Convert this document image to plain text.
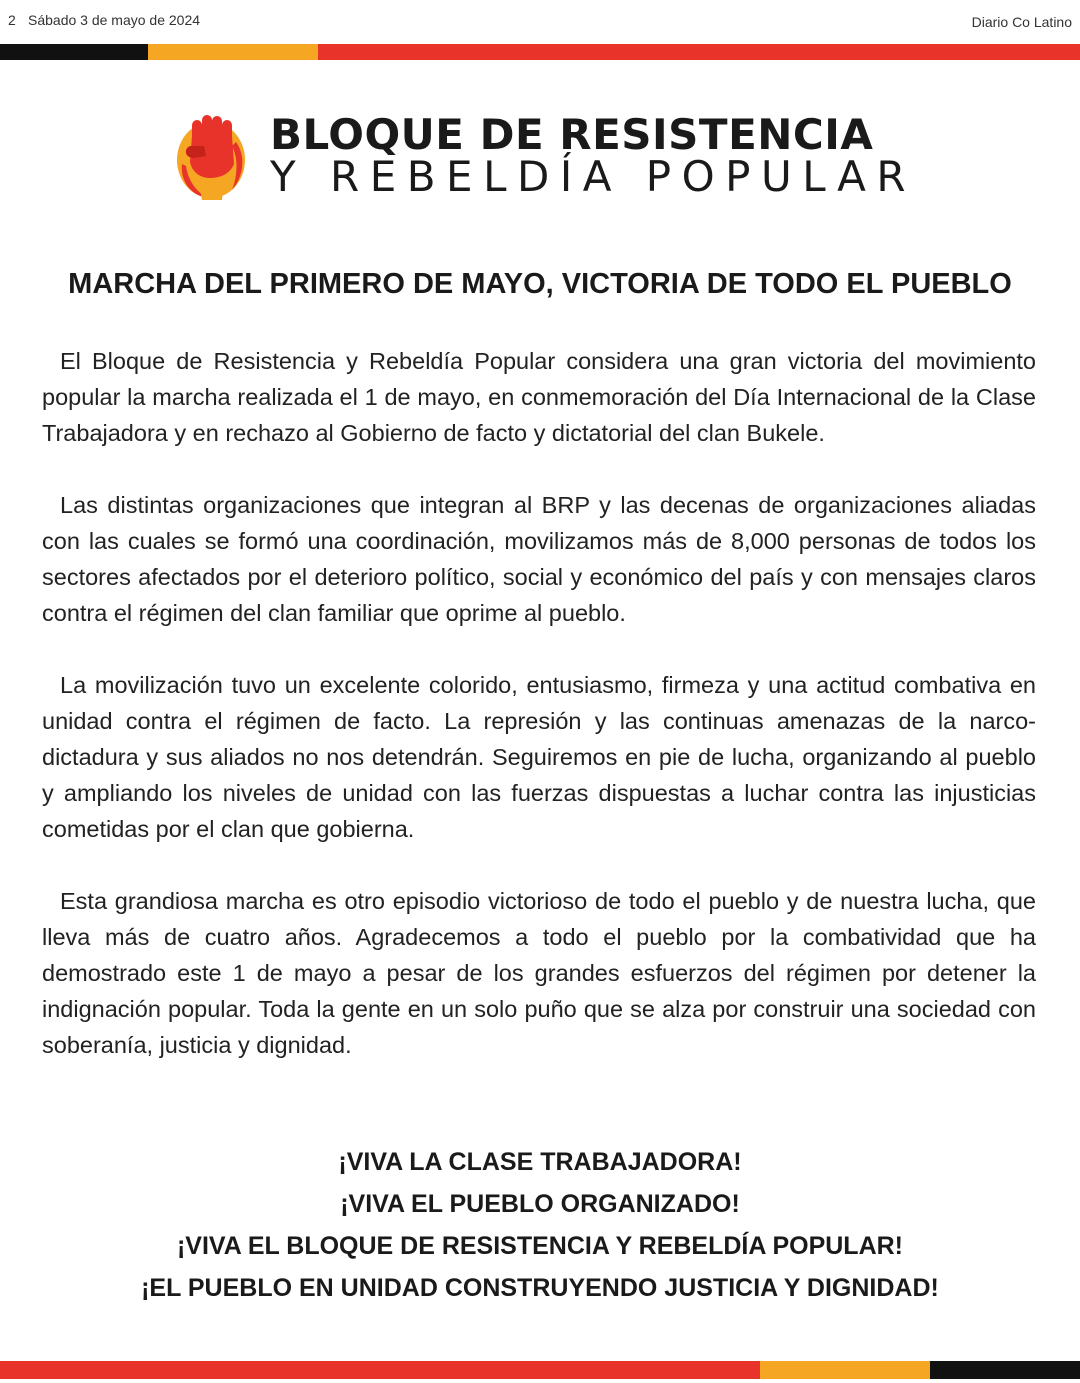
2 Sábado 3 de mayo de 2024	Diario Co Latino
BLOQUE DE RESISTENCIA
Y REBELDÍA POPULAR
MARCHA DEL PRIMERO DE MAYO, VICTORIA DE TODO EL PUEBLO

El Bloque de Resistencia y Rebeldía Popular considera una gran victoria del movimiento popular la marcha realizada el 1 de mayo, en conmemoración del Día Internacional de la Clase Trabajadora y en rechazo al Gobierno de facto y dictatorial del clan Bukele.

Las distintas organizaciones que integran al BRP y las decenas de organizaciones aliadas con las cuales se formó una coordinación, movilizamos más de 8,000 personas de todos los sectores afectados por el deterioro político, social y económico del país y con mensajes claros contra el régimen del clan familiar que oprime al pueblo.

La movilización tuvo un excelente colorido, entusiasmo, firmeza y una actitud combativa en unidad contra el régimen de facto. La represión y las continuas amenazas de la narco-dictadura y sus aliados no nos detendrán. Seguiremos en pie de lucha, organizando al pueblo y ampliando los niveles de unidad con las fuerzas dispuestas a luchar contra las injusticias cometidas por el clan que gobierna.

Esta grandiosa marcha es otro episodio victorioso de todo el pueblo y de nuestra lucha, que lleva más de cuatro años. Agradecemos a todo el pueblo por la combatividad que ha demostrado este 1 de mayo a pesar de los grandes esfuerzos del régimen por detener la indignación popular. Toda la gente en un solo puño que se alza por construir una sociedad con soberanía, justicia y dignidad.

¡VIVA LA CLASE TRABAJADORA!

¡VIVA EL PUEBLO ORGANIZADO!

¡VIVA EL BLOQUE DE RESISTENCIA Y REBELDÍA POPULAR!

¡EL PUEBLO EN UNIDAD CONSTRUYENDO JUSTICIA Y DIGNIDAD!
